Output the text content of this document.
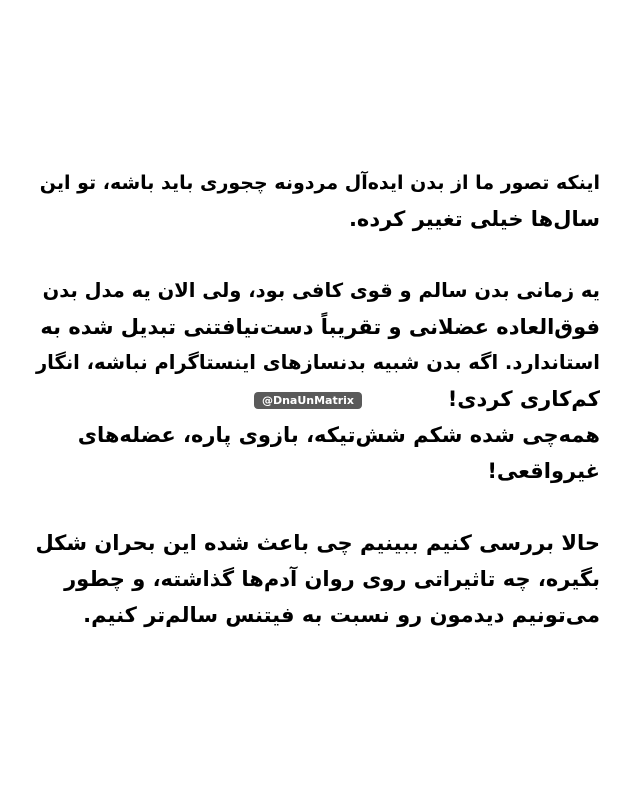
اینکه تصور ما از بدن ایده‌آل مردونه چجوری باید باشه، تو این
سال‌ها خیلی تغییر کرده.
یه زمانی بدن سالم و قوی کافی بود، ولی الان یه مدل بدن
فوق‌العاده عضلانی و تقریباً دست‌نیافتنی تبدیل شده به
استاندارد. اگه بدن شبیه بدنسازهای اینستاگرام نباشه، انگار
کم‌کاری کردی!
همه‌چی شده شکم شش‌تیکه، بازوی پاره، عضله‌های
غیرواقعی!
حالا بررسی کنیم ببینیم چی باعث شده این بحران شکل
بگیره، چه تاثیراتی روی روان آدم‌ها گذاشته، و چطور
می‌تونیم دیدمون رو نسبت به فیتنس سالم‌تر کنیم.
@DnaUnMatrix
